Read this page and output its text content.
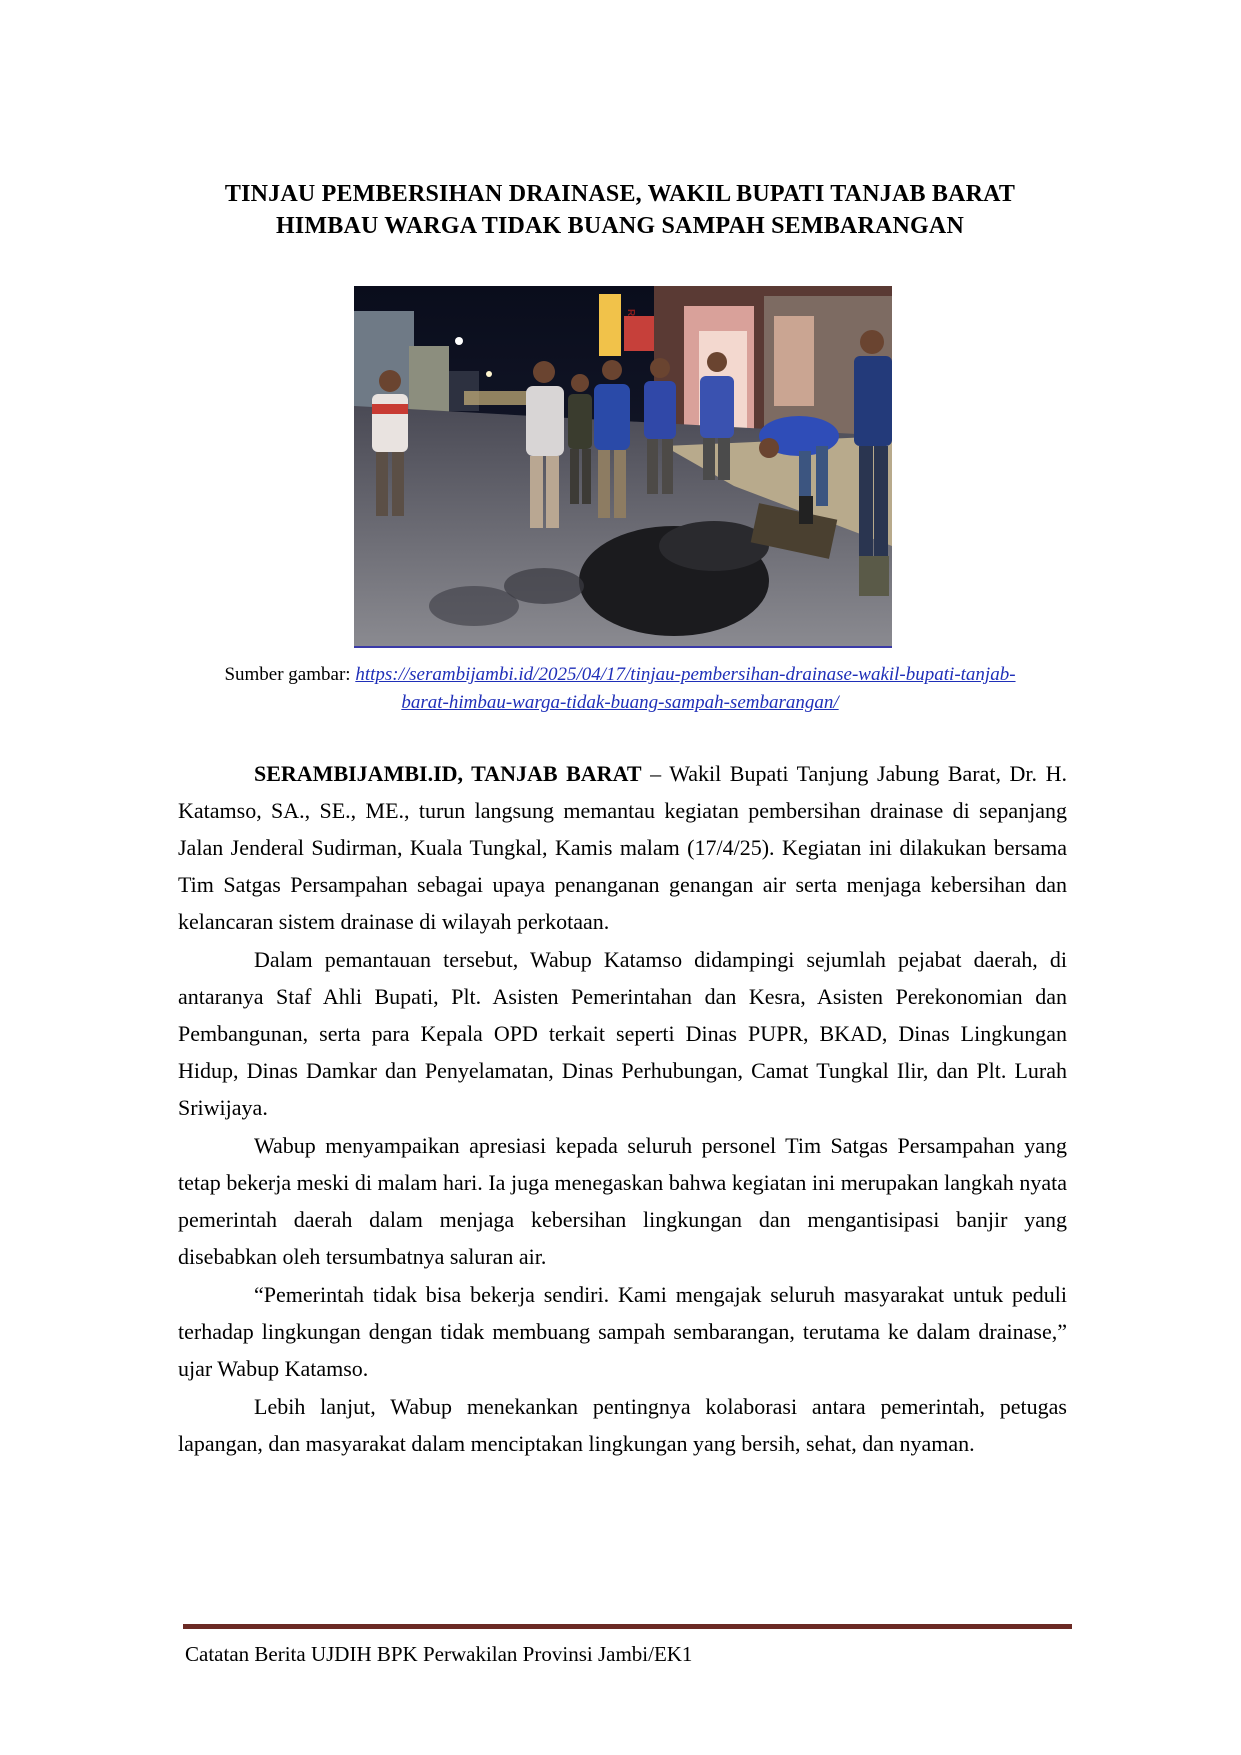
TINJAU PEMBERSIHAN DRAINASE, WAKIL BUPATI TANJAB BARAT
HIMBAU WARGA TIDAK BUANG SAMPAH SEMBARANGAN
Sumber gambar: https://serambijambi.id/2025/04/17/tinjau-pembersihan-drainase-wakil-bupati-tanjab-
barat-himbau-warga-tidak-buang-sampah-sembarangan/

SERAMBIJAMBI.ID, TANJAB BARAT – Wakil Bupati Tanjung Jabung Barat, Dr. H. Katamso, SA., SE., ME., turun langsung memantau kegiatan pembersihan drainase di sepanjang Jalan Jenderal Sudirman, Kuala Tungkal, Kamis malam (17/4/25). Kegiatan ini dilakukan bersama Tim Satgas Persampahan sebagai upaya penanganan genangan air serta menjaga kebersihan dan kelancaran sistem drainase di wilayah perkotaan.

Dalam pemantauan tersebut, Wabup Katamso didampingi sejumlah pejabat daerah, di antaranya Staf Ahli Bupati, Plt. Asisten Pemerintahan dan Kesra, Asisten Perekonomian dan Pembangunan, serta para Kepala OPD terkait seperti Dinas PUPR, BKAD, Dinas Lingkungan Hidup, Dinas Damkar dan Penyelamatan, Dinas Perhubungan, Camat Tungkal Ilir, dan Plt. Lurah Sriwijaya.

Wabup menyampaikan apresiasi kepada seluruh personel Tim Satgas Persampahan yang tetap bekerja meski di malam hari. Ia juga menegaskan bahwa kegiatan ini merupakan langkah nyata pemerintah daerah dalam menjaga kebersihan lingkungan dan mengantisipasi banjir yang disebabkan oleh tersumbatnya saluran air.

“Pemerintah tidak bisa bekerja sendiri. Kami mengajak seluruh masyarakat untuk peduli terhadap lingkungan dengan tidak membuang sampah sembarangan, terutama ke dalam drainase,” ujar Wabup Katamso.

Lebih lanjut, Wabup menekankan pentingnya kolaborasi antara pemerintah, petugas lapangan, dan masyarakat dalam menciptakan lingkungan yang bersih, sehat, dan nyaman.

Catatan Berita UJDIH BPK Perwakilan Provinsi Jambi/EK1
